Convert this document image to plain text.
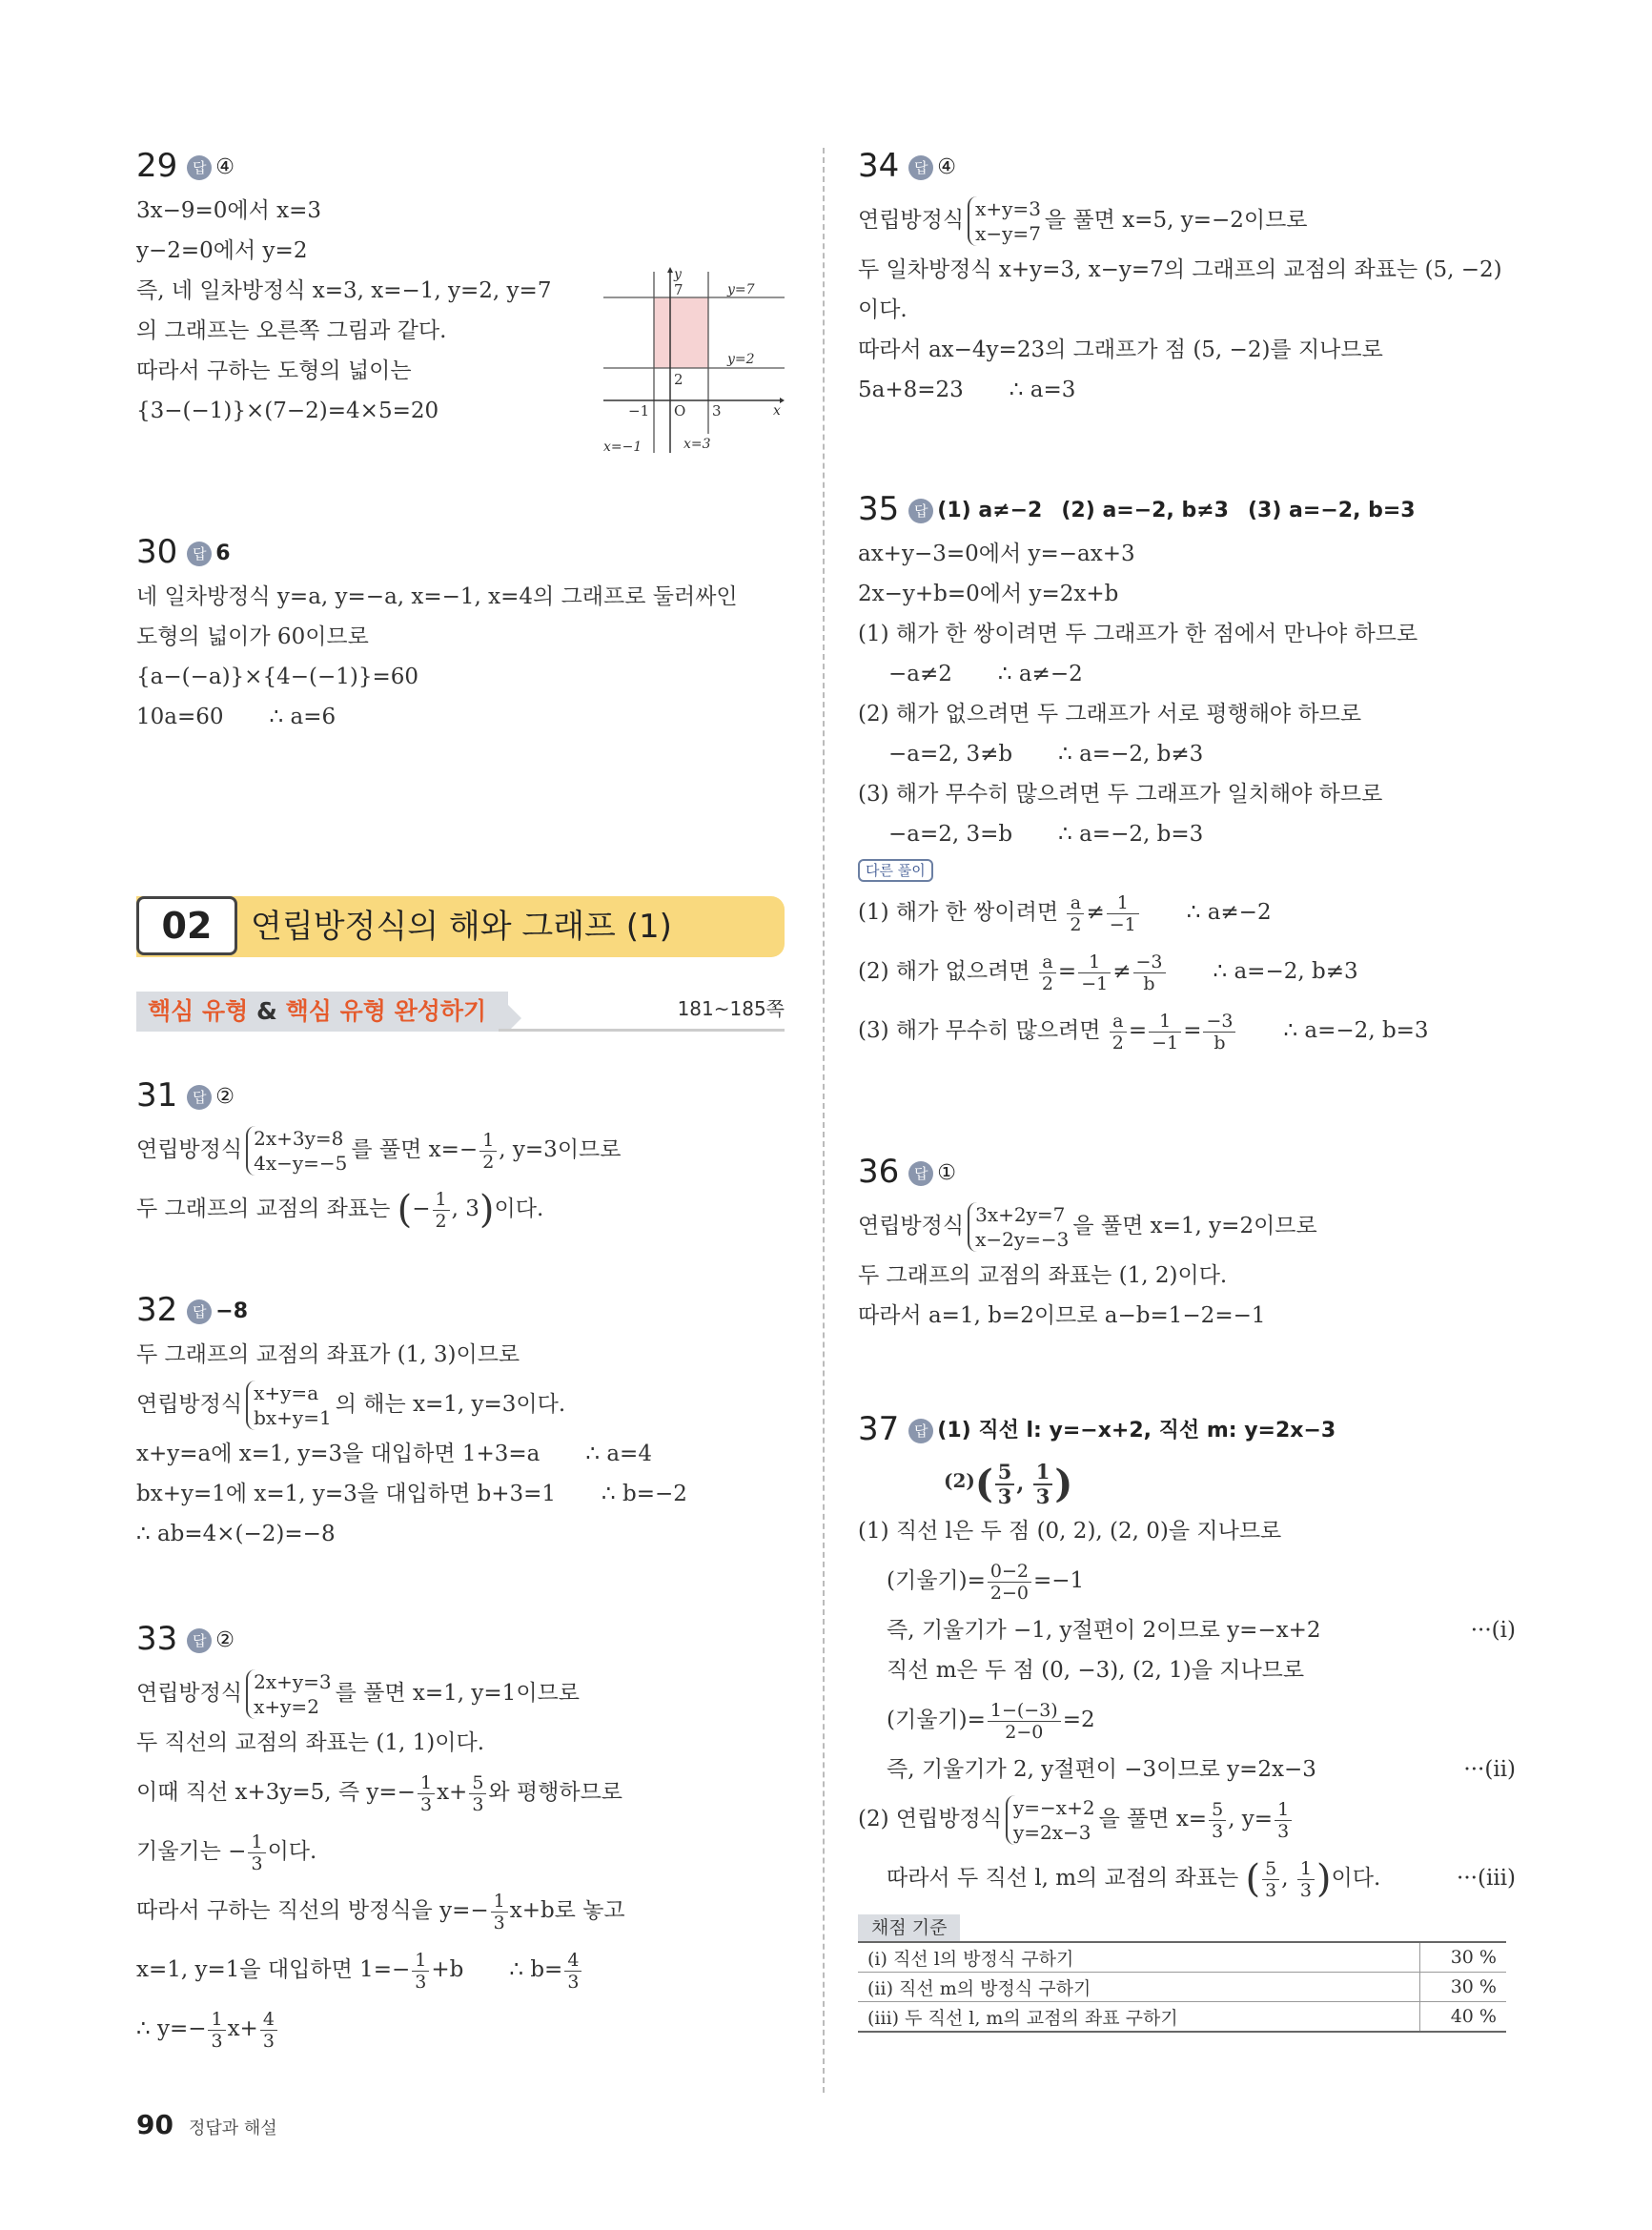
29 답 ④
3x−9=0에서 x=3
y−2=0에서 y=2
즉, 네 일차방정식 x=3, x=−1, y=2, y=7
의 그래프는 오른쪽 그림과 같다.
따라서 구하는 도형의 넓이는
{3−(−1)}×(7−2)=4×5=20
y
x
O
7
2
−1	3
y=7
y=2
x=−1	x=3
30 답 6
네 일차방정식 y=a, y=−a, x=−1, x=4의 그래프로 둘러싸인
도형의 넓이가 60이므로
{a−(−a)}×{4−(−1)}=60
10a=60 ∴ a=6
02	연립방정식의 해와 그래프 (1)
핵심 유형 & 핵심 유형 완성하기	181~185쪽
31 답 ②
연립방정식 2x+3y=8
4x−y=−5
를 풀면 $x=- \frac{1}{2}$ , y=3이므로
두 그래프의 교점의 좌표는 (− $\frac{1}{2}$ , 3)이다.
32 답 −8
두 그래프의 교점의 좌표가 (1, 3)이므로
연립방정식 x+y=a
bx+y=1
의 해는 x=1, y=3이다.
x+y=a에 x=1, y=3을 대입하면 1+3=a ∴ a=4
bx+y=1에 x=1, y=3을 대입하면 b+3=1 ∴ b=−2
∴ ab=4×(−2)=−8
33 답 ②
연립방정식 2x+y=3
x+y=2
를 풀면 x=1, y=1이므로
두 직선의 교점의 좌표는 (1, 1)이다.
이때 직선 x+3y=5, 즉 $y=- \frac{1}{3} x+ \frac{5}{3}$ 와 평행하므로
기울기는 − $\frac{1}{3}$ 이다.
따라서 구하는 직선의 방정식을 $y=- \frac{1}{3} x+b$로 놓고
x=1, y=1을 대입하면 $1=- \frac{1}{3} +b$ ∴ $b= \frac{4}{3}$
∴ $y=- \frac{1}{3} x+ \frac{4}{3}$
34 답 ④
연립방정식 x+y=3
x−y=7
을 풀면 x=5, y=−2이므로
두 일차방정식 x+y=3, x−y=7의 그래프의 교점의 좌표는 (5, −2)
이다.
따라서 ax−4y=23의 그래프가 점 (5, −2)를 지나므로
5a+8=23 ∴ a=3
35 답 (1) a≠−2 (2) a=−2, b≠3 (3) a=−2, b=3
ax+y−3=0에서 y=−ax+3
2x−y+b=0에서 y=2x+b
(1) 해가 한 쌍이려면 두 그래프가 한 점에서 만나야 하므로
−a≠2 ∴ a≠−2
(2) 해가 없으려면 두 그래프가 서로 평행해야 하므로
−a=2, 3≠b ∴ a=−2, b≠3
(3) 해가 무수히 많으려면 두 그래프가 일치해야 하므로
−a=2, 3=b ∴ a=−2, b=3
다른 풀이
(1) 해가 한 쌍이려면 $\frac{a}{2} \ne \frac{1}{-1}$ ∴ a≠−2
(2) 해가 없으려면 $\frac{a}{2} = \frac{1}{-1} \ne \frac{-3}{b}$ ∴ a=−2, b≠3
(3) 해가 무수히 많으려면 $\frac{a}{2} = \frac{1}{-1} = \frac{-3}{b}$ ∴ a=−2, b=3
36 답 ①
연립방정식 3x+2y=7
x−2y=−3
을 풀면 x=1, y=2이므로
두 그래프의 교점의 좌표는 (1, 2)이다.
따라서 a=1, b=2이므로 a−b=1−2=−1
37 답 (1) 직선 l: y=−x+2, 직선 m: y=2x−3
$(2)( \frac{5}{3}$ , $\frac{1}{3}$ )
(1) 직선 l은 두 점 (0, 2), (2, 0)을 지나므로
(기울기)= $\frac{0-2}{2-0} =-1$
즉, 기울기가 −1, y절편이 2이므로 y=−x+2	···(ⅰ)
직선 m은 두 점 (0, −3), (2, 1)을 지나므로
(기울기)= $\frac{1-(-3)}{2-0} =2$
즉, 기울기가 2, y절편이 −3이므로 y=2x−3	···(ⅱ)
(2) 연립방정식 y=−x+2
y=2x−3
을 풀면 $x= \frac{5}{3}$ , $y= \frac{1}{3}$
따라서 두 직선 l, m의 교점의 좌표는 ( $\frac{5}{3}$ , $\frac{1}{3}$ )이다.	···(ⅲ)
채점 기준
(ⅰ) 직선 l의 방정식 구하기	30 %
(ⅱ) 직선 m의 방정식 구하기	30 %
(ⅲ) 두 직선 l, m의 교점의 좌표 구하기	40 %
90 정답과 해설
